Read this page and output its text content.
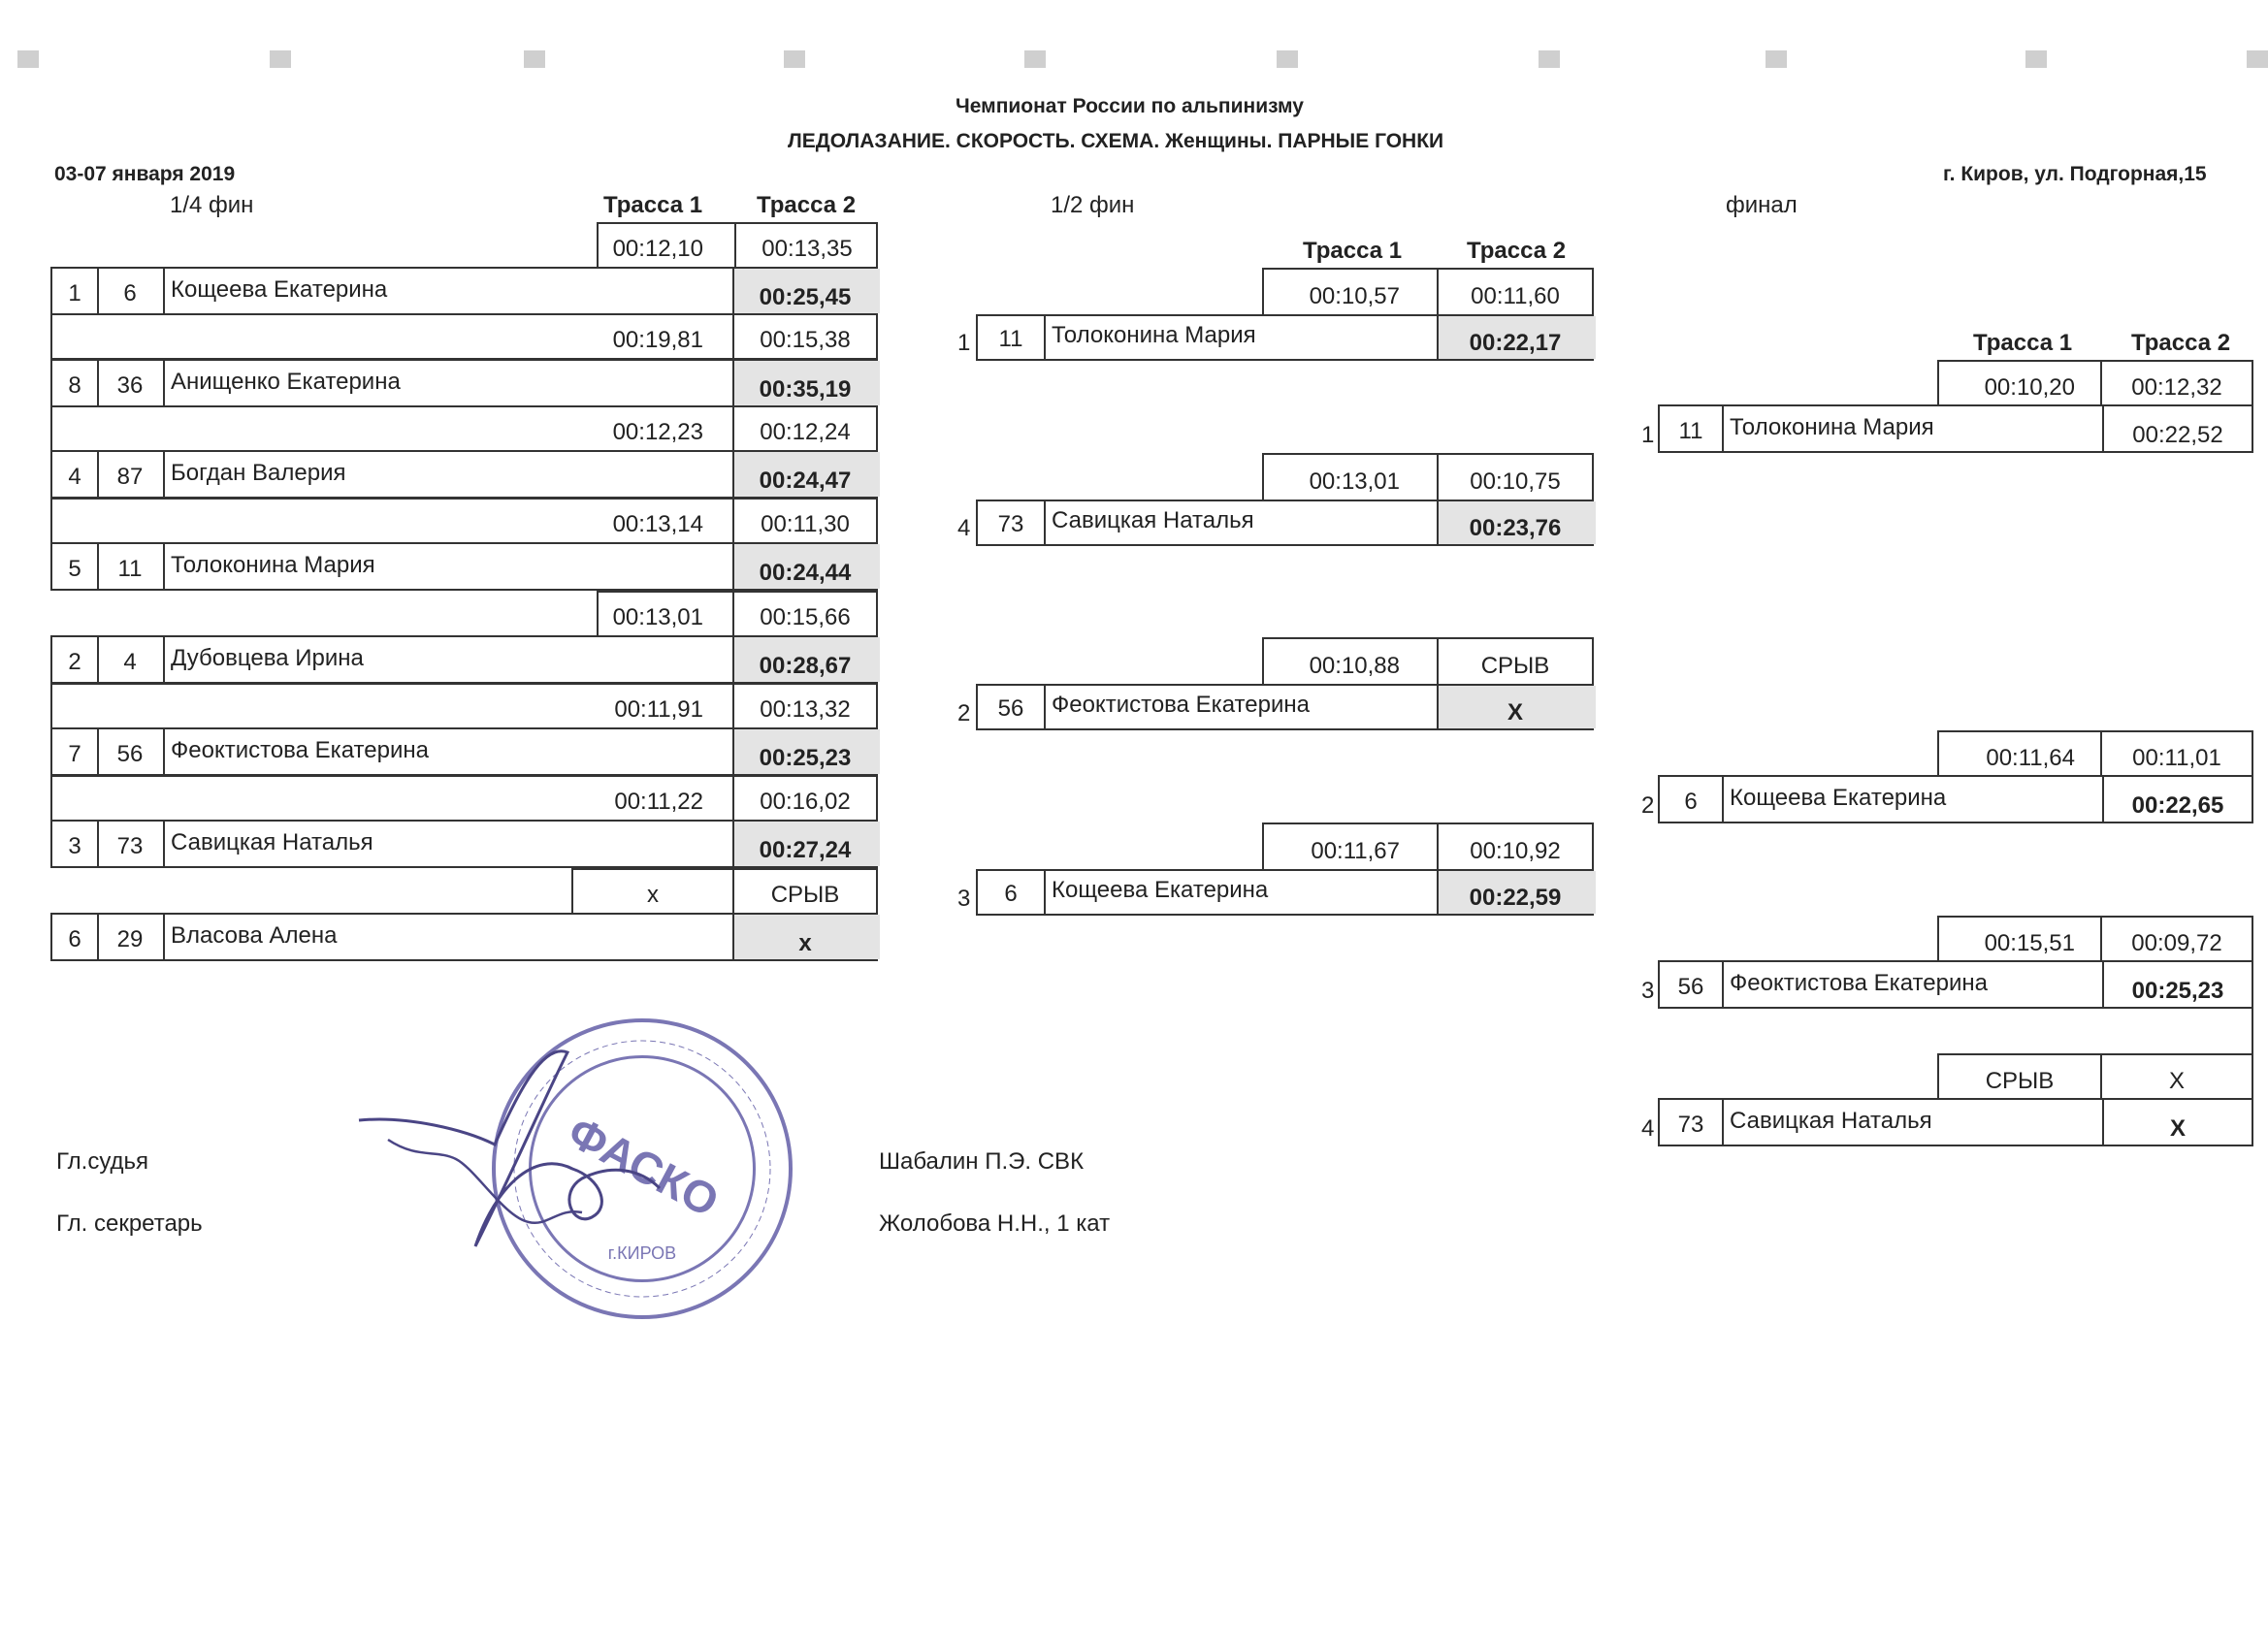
Чемпионат России по альпинизму
ЛЕДОЛАЗАНИЕ. СКОРОСТЬ. СХЕМА. Женщины. ПАРНЫЕ ГОНКИ
03-07 января 2019	г. Киров, ул. Подгорная,15
1/4 фин	Трасса 1 Трасса 2	1/2 фин	финал
Трасса 1	Трасса 2
Трасса 1	Трасса 2
00:12,10	00:13,35
1	6	Кощеева Екатерина	00:25,45
00:19,81	00:15,38
8	36	Анищенко Екатерина	00:35,19
00:12,23	00:12,24
4	87	Богдан Валерия	00:24,47
00:13,14	00:11,30
5	11	Толоконина Мария	00:24,44
00:13,01	00:15,66
2	4	Дубовцева Ирина	00:28,67
00:11,91	00:13,32
7	56	Феоктистова Екатерина	00:25,23
00:11,22	00:16,02
3	73	Савицкая Наталья	00:27,24
x	СРЫВ
6	29	Власова Алена	x
00:10,57	00:11,60
1	11	Толоконина Мария	00:22,17
00:13,01	00:10,75
4	73	Савицкая Наталья	00:23,76
00:10,88	СРЫВ
2	56	Феоктистова Екатерина	X
00:11,67	00:10,92
3	6	Кощеева Екатерина	00:22,59
00:10,20	00:12,32
1	11	Толоконина Мария	00:22,52
00:11,64	00:11,01
2	6	Кощеева Екатерина	00:22,65
00:15,51	00:09,72
3	56	Феоктистова Екатерина	00:25,23
СРЫВ	X
4	73	Савицкая Наталья	X
Гл.судья	Шабалин П.Э. СВК
Гл. секретарь	Жолобова Н.Н., 1 кат
ФАСКО
г.КИРОВ
